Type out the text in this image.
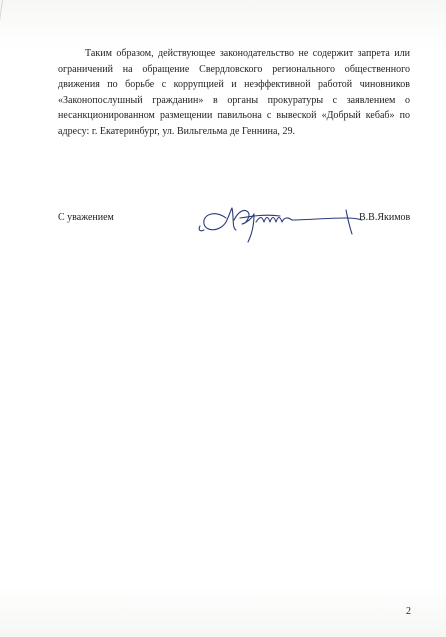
Таким образом, действующее законодательство не содержит запрета или ограничений на обращение Свердловского регионального общественного движения по борьбе с коррупцией и неэффективной работой чиновников «Законопослушный гражданин» в органы прокуратуры с заявлением о несанкционированном размещении павильона с вывеской «Добрый кебаб» по адресу: г. Екатеринбург, ул. Вильгельма де Геннина, 29.

С уважением	В.В.Якимов
2
